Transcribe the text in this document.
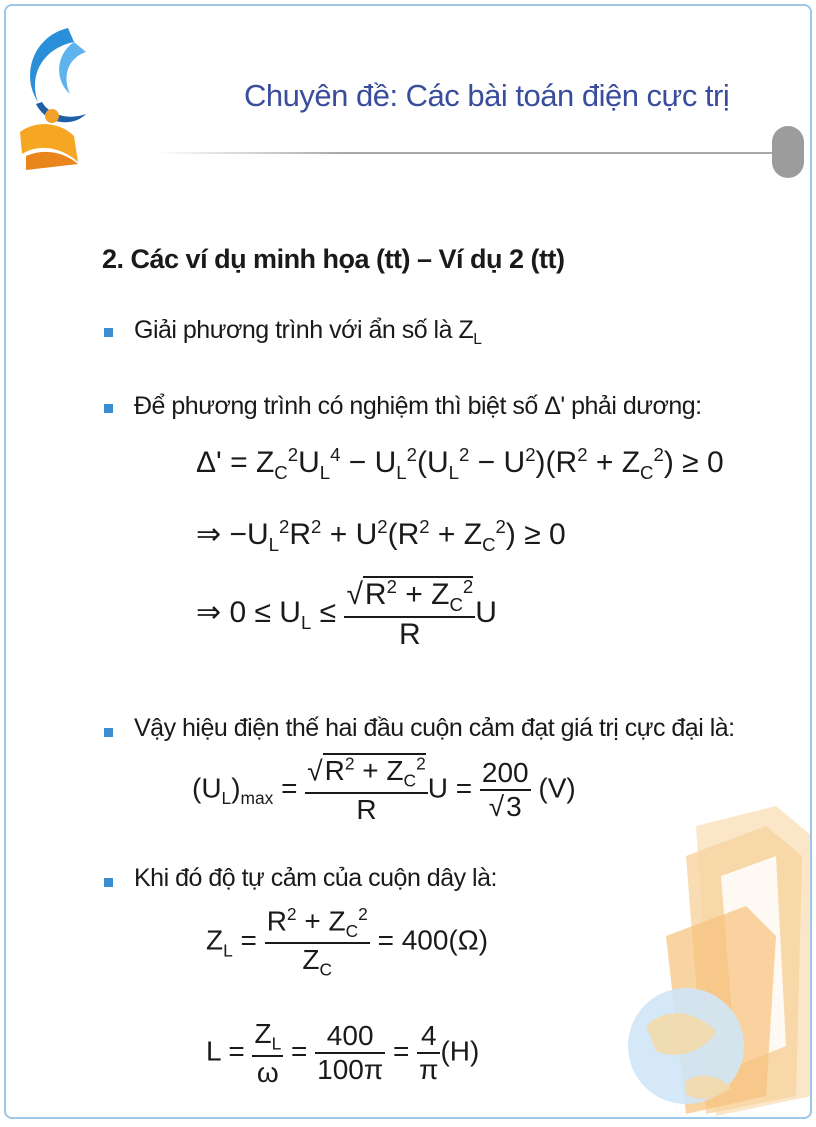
Chuyên đề: Các bài toán điện cực trị
2. Các ví dụ minh họa (tt) – Ví dụ 2 (tt)
Giải phương trình với ẩn số là $Z_L$
Để phương trình có nghiệm thì biệt số Δ' phải dương:
$\Delta' = Z_C^2U_L^4 - U_L^2(U_L^2 - U^2)(R^2 + Z_C^2) \ge 0$
⇒ $-U_L^2R^2 + U^2(R^2 + Z_C^2) \ge 0$
⇒ $0 \le U_L \le \frac{√R^2 + Z_C^2}{R}$ U
Vậy hiệu điện thế hai đầu cuộn cảm đạt giá trị cực đại là:
$(U_L)_{max} = \frac{√R^2 + Z_C^2}{R}$ $U = \frac{200}{√3} (V)$
Khi đó độ tự cảm của cuộn dây là:
$Z_L = \frac{R^2 + Z_C^2}{Z_C} = 400(\Omega)$
$L = \frac{Z_L}{\omega} = \frac{400}{100\pi} = \frac{4}{\pi} (H)$
